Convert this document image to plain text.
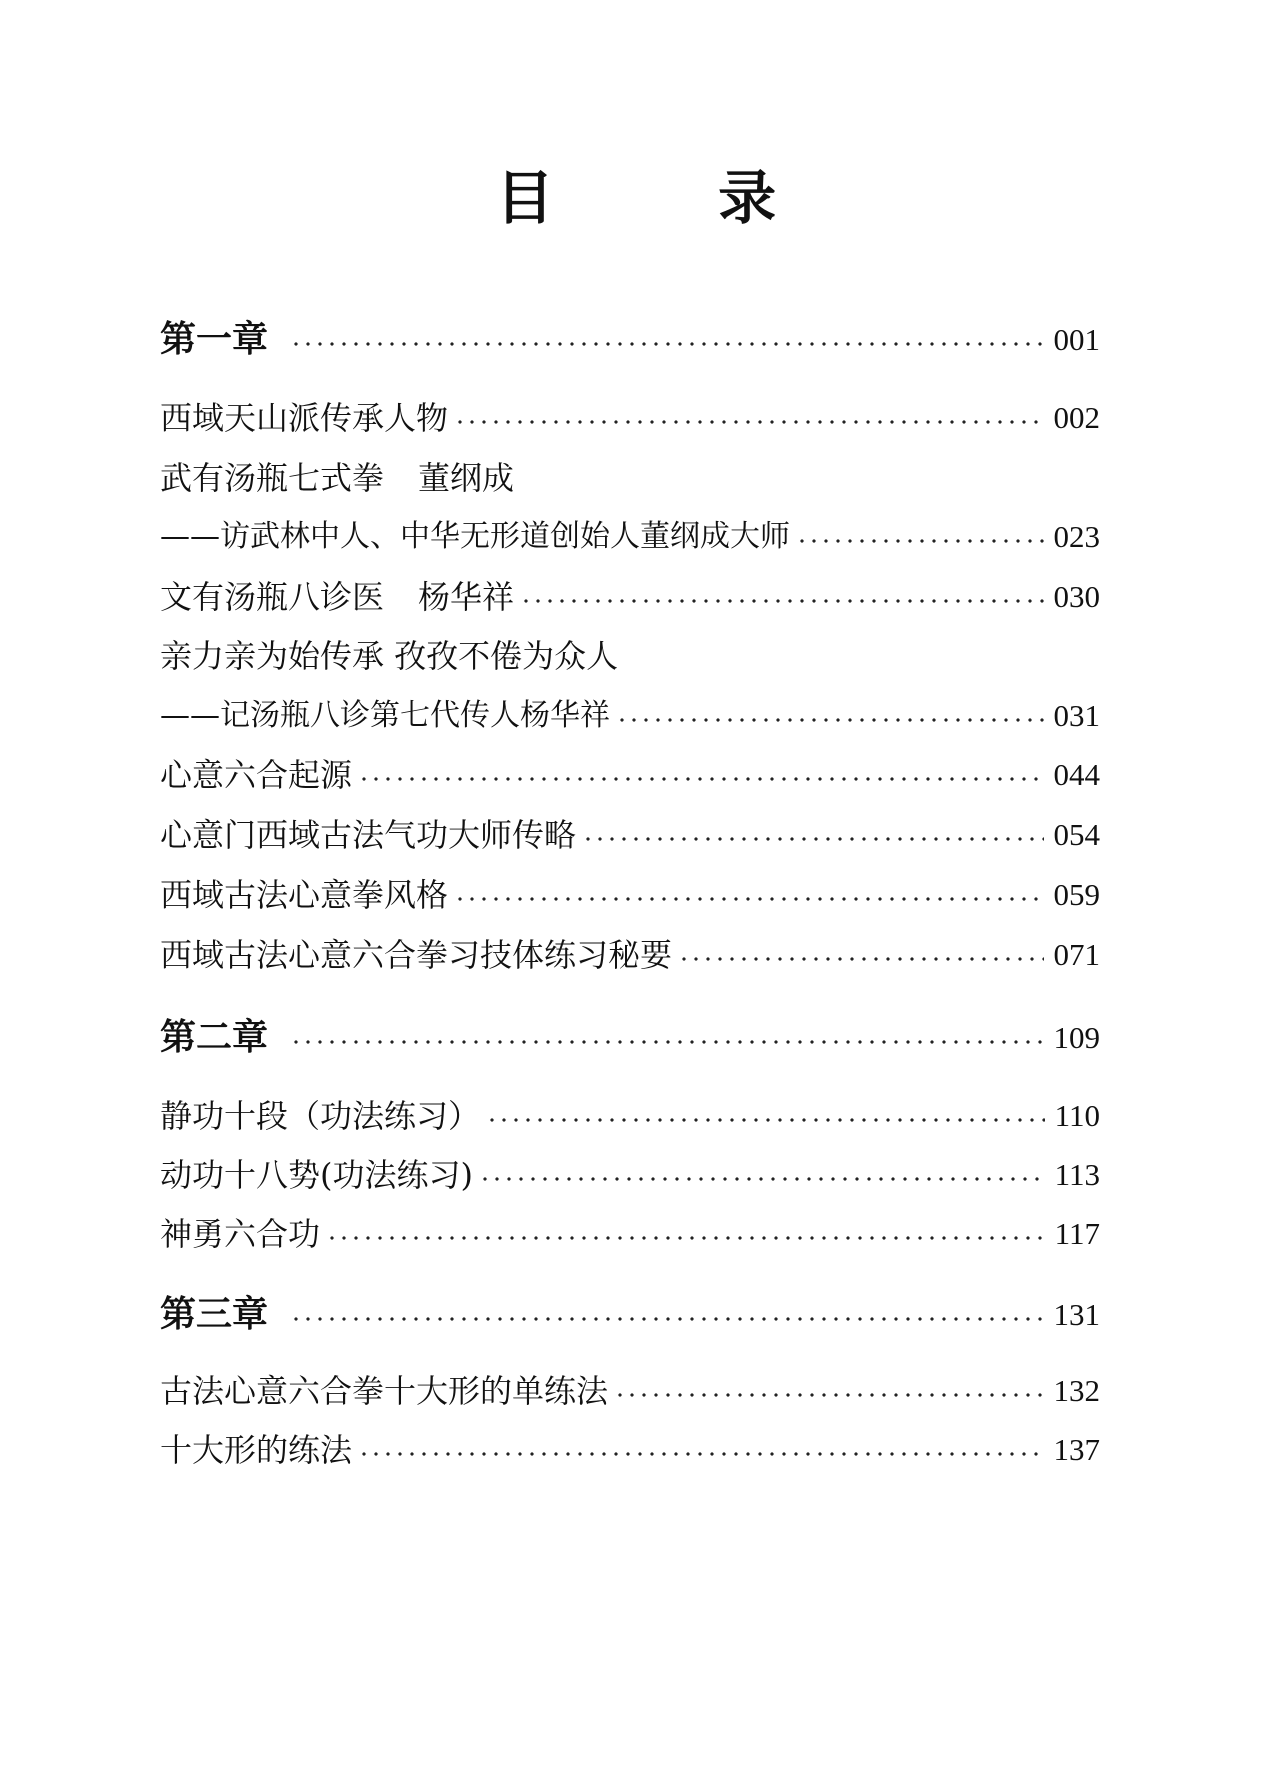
目 录
第一章	001
西域天山派传承人物	002
武有汤瓶七式拳 董纲成
——访武林中人、中华无形道创始人董纲成大师	023
文有汤瓶八诊医 杨华祥	030
亲力亲为始传承 孜孜不倦为众人
——记汤瓶八诊第七代传人杨华祥	031
心意六合起源	044
心意门西域古法气功大师传略	054
西域古法心意拳风格	059
西域古法心意六合拳习技体练习秘要	071
第二章	109
静功十段（功法练习）	110
动功十八势(功法练习)	113
神勇六合功	117
第三章	131
古法心意六合拳十大形的单练法	132
十大形的练法	137
